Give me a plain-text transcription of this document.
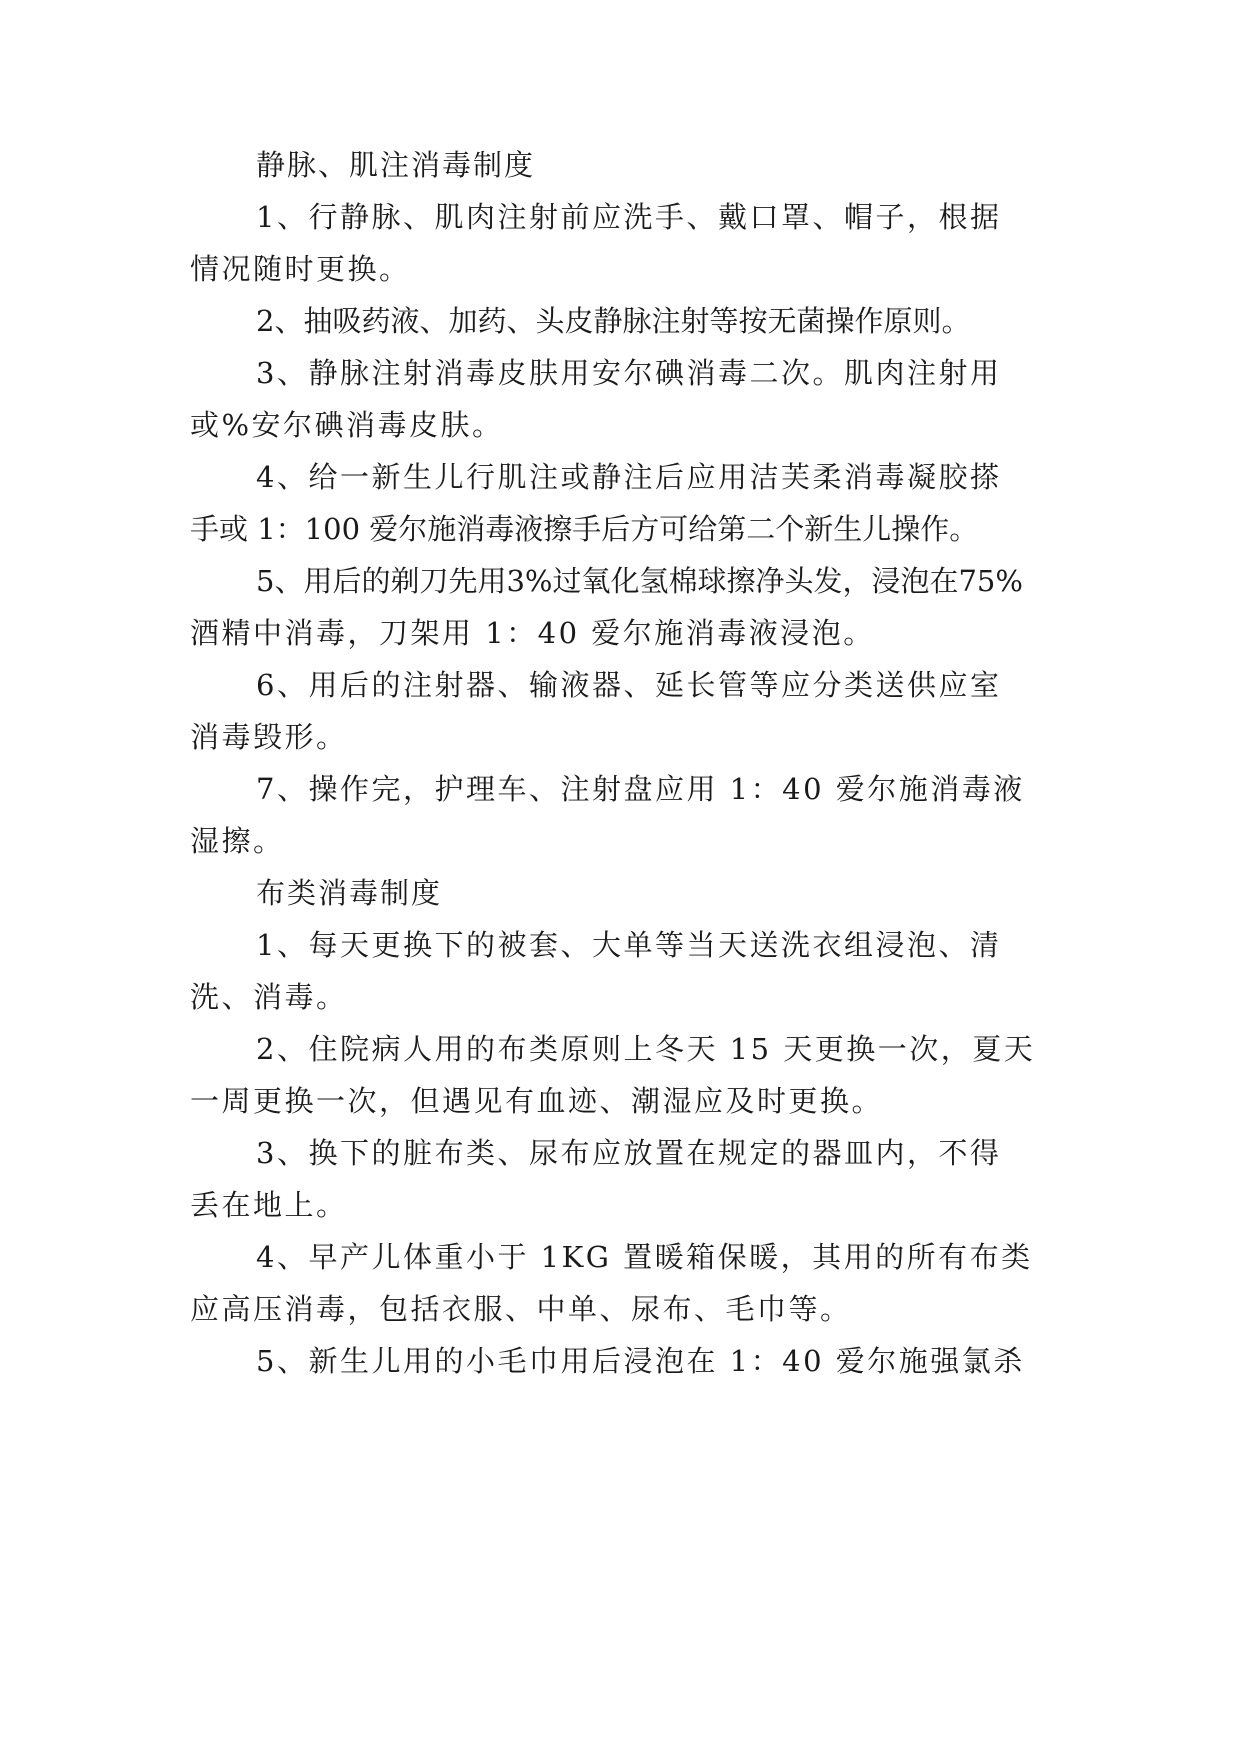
静脉、肌注消毒制度
1、行静脉、肌肉注射前应洗手、戴口罩、帽子，根据
情况随时更换。
2、抽吸药液、加药、头皮静脉注射等按无菌操作原则。
3、静脉注射消毒皮肤用安尔碘消毒二次。肌肉注射用
或%安尔碘消毒皮肤。
4、给一新生儿行肌注或静注后应用洁芙柔消毒凝胶搽
手或 1：100 爱尔施消毒液擦手后方可给第二个新生儿操作。
5、用后的剃刀先用3%过氧化氢棉球擦净头发，浸泡在75%
酒精中消毒，刀架用 1：40 爱尔施消毒液浸泡。
6、用后的注射器、输液器、延长管等应分类送供应室
消毒毁形。
7、操作完，护理车、注射盘应用 1：40 爱尔施消毒液
湿擦。
布类消毒制度
1、每天更换下的被套、大单等当天送洗衣组浸泡、清
洗、消毒。
2、住院病人用的布类原则上冬天 15 天更换一次，夏天
一周更换一次，但遇见有血迹、潮湿应及时更换。
3、换下的脏布类、尿布应放置在规定的器皿内，不得
丢在地上。
4、早产儿体重小于 1KG 置暖箱保暖，其用的所有布类
应高压消毒，包括衣服、中单、尿布、毛巾等。
5、新生儿用的小毛巾用后浸泡在 1：40 爱尔施强氯杀
